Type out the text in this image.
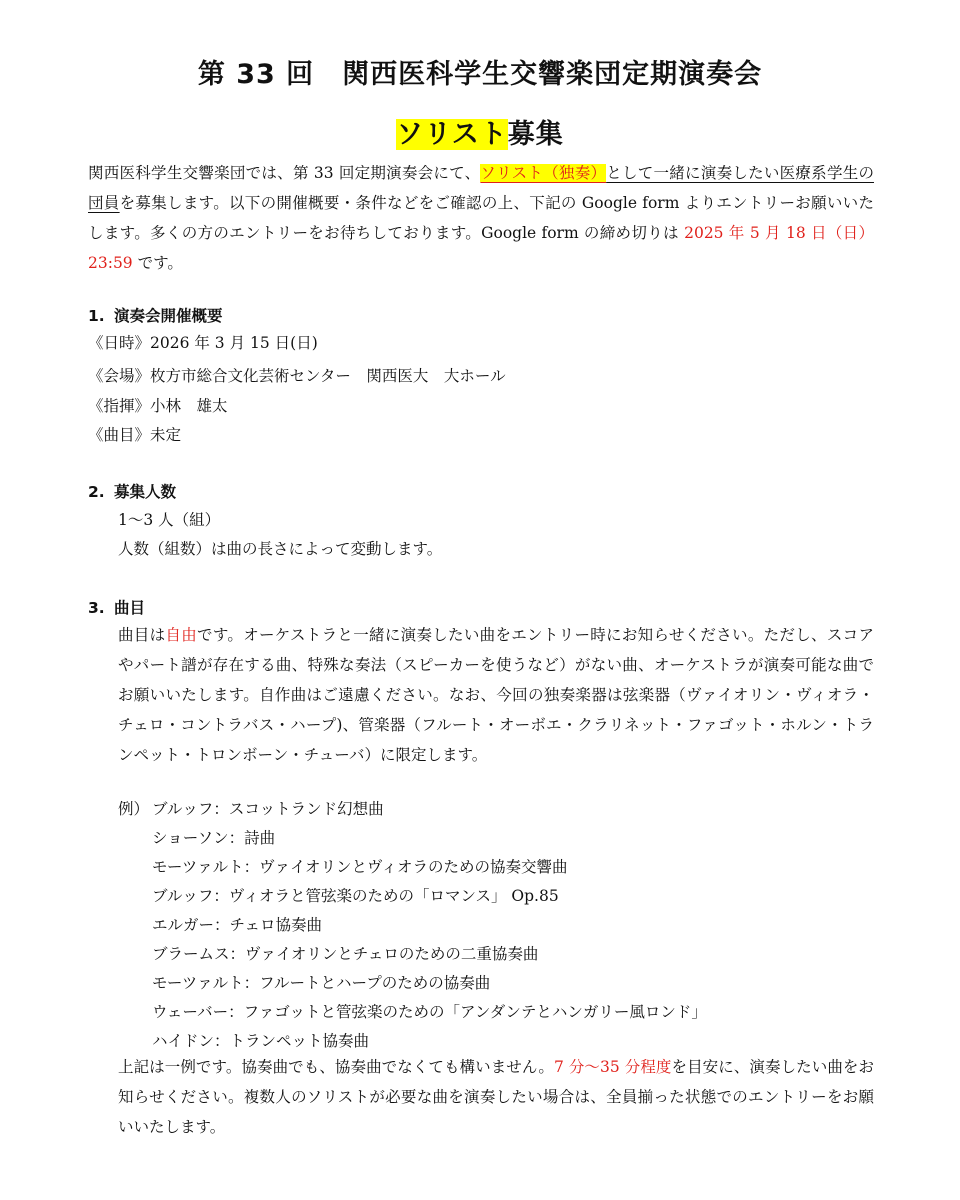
第 33 回　関西医科学生交響楽団定期演奏会
ソリスト募集
関西医科学生交響楽団では、第 33 回定期演奏会にて、ソリスト（独奏）として一緒に演奏したい医療系学生の団員を募集します。以下の開催概要・条件などをご確認の上、下記の Google form よりエントリーお願いいたします。多くの方のエントリーをお待ちしております。Google form の締め切りは 2025 年 5 月 18 日（日）23:59 です。
1. 演奏会開催概要
《日時》2026 年 3 月 15 日(日)
《会場》枚方市総合文化芸術センター　関西医大　大ホール
《指揮》小林　雄太
《曲目》未定
2. 募集人数
1〜3 人（組）
人数（組数）は曲の長さによって変動します。
3. 曲目
曲目は自由です。オーケストラと一緒に演奏したい曲をエントリー時にお知らせください。ただし、スコアやパート譜が存在する曲、特殊な奏法（スピーカーを使うなど）がない曲、オーケストラが演奏可能な曲でお願いいたします。自作曲はご遠慮ください。なお、今回の独奏楽器は弦楽器（ヴァイオリン・ヴィオラ・チェロ・コントラバス・ハープ)、管楽器（フルート・オーボエ・クラリネット・ファゴット・ホルン・トランペット・トロンボーン・チューバ）に限定します。
例） ブルッフ：スコットランド幻想曲
ショーソン：詩曲
モーツァルト：ヴァイオリンとヴィオラのための協奏交響曲
ブルッフ：ヴィオラと管弦楽のための「ロマンス」 Op.85
エルガー：チェロ協奏曲
ブラームス：ヴァイオリンとチェロのための二重協奏曲
モーツァルト：フルートとハープのための協奏曲
ウェーバー：ファゴットと管弦楽のための「アンダンテとハンガリー風ロンド」
ハイドン：トランペット協奏曲
上記は一例です。協奏曲でも、協奏曲でなくても構いません。7 分〜35 分程度を目安に、演奏したい曲をお知らせください。複数人のソリストが必要な曲を演奏したい場合は、全員揃った状態でのエントリーをお願いいたします。
